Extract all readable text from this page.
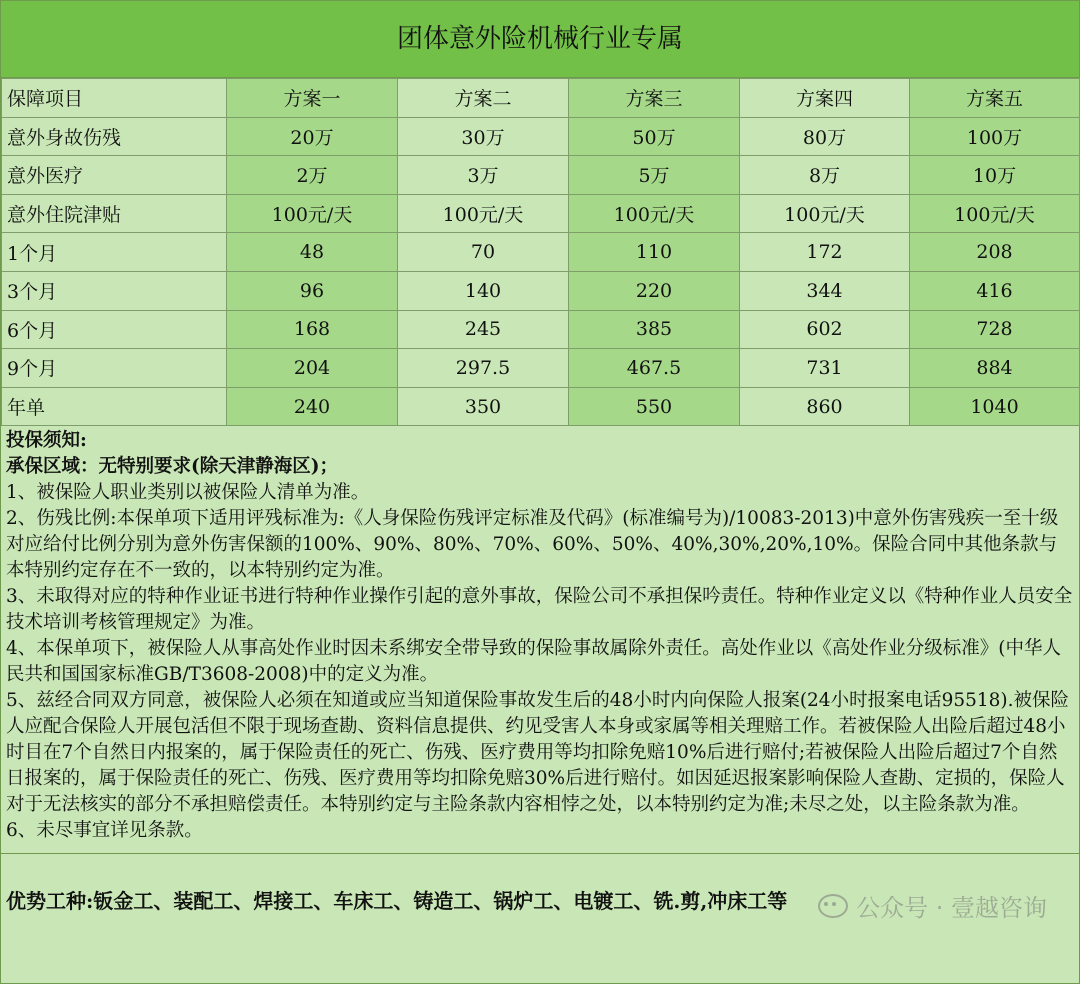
团体意外险机械行业专属
保障项目	方案一	方案二	方案三	方案四	方案五
意外身故伤残	20万	30万	50万	80万	100万
意外医疗	2万	3万	5万	8万	10万
意外住院津贴	100元/天	100元/天	100元/天	100元/天	100元/天
1个月	48	70	110	172	208
3个月	96	140	220	344	416
6个月	168	245	385	602	728
9个月	204	297.5	467.5	731	884
年单	240	350	550	860	1040

投保须知:

承保区域：无特别要求(除天津静海区)；

1、被保险人职业类别以被保险人清单为准。

2、伤残比例:本保单项下适用评残标准为:《人身保险伤残评定标准及代码》(标准编号为)/10083-2013)中意外伤害残疾一至十级对应给付比例分别为意外伤害保额的100%、90%、80%、70%、60%、50%、40%,30%,20%,10%。保险合同中其他条款与本特别约定存在不一致的，以本特别约定为准。

3、未取得对应的特种作业证书进行特种作业操作引起的意外事故，保险公司不承担保吟责任。特种作业定义以《特种作业人员安全技术培训考核管理规定》为准。

4、本保单项下，被保险人从事高处作业时因未系绑安全带导致的保险事故属除外责任。高处作业以《高处作业分级标准》(中华人民共和国国家标准GB/T3608-2008)中的定义为准。

5、兹经合同双方同意，被保险人必须在知道或应当知道保险事故发生后的48小时内向保险人报案(24小时报案电话95518).被保险人应配合保险人开展包活但不限于现场查勘、资料信息提供、约见受害人本身或家属等相关理赔工作。若被保险人出险后超过48小时目在7个自然日内报案的，属于保险责任的死亡、伤残、医疗费用等均扣除免赔10%后进行赔付;若被保险人出险后超过7个自然日报案的，属于保险责任的死亡、伤残、医疗费用等均扣除免赔30%后进行赔付。如因延迟报案影响保险人查勘、定损的，保险人对于无法核实的部分不承担赔偿责任。本特别约定与主险条款内容相悖之处，以本特别约定为准;未尽之处，以主险条款为准。

6、未尽事宜详见条款。

优势工种:钣金工、装配工、焊接工、车床工、铸造工、锅炉工、电镀工、铣.剪,冲床工等	公众号 · 壹越咨询
